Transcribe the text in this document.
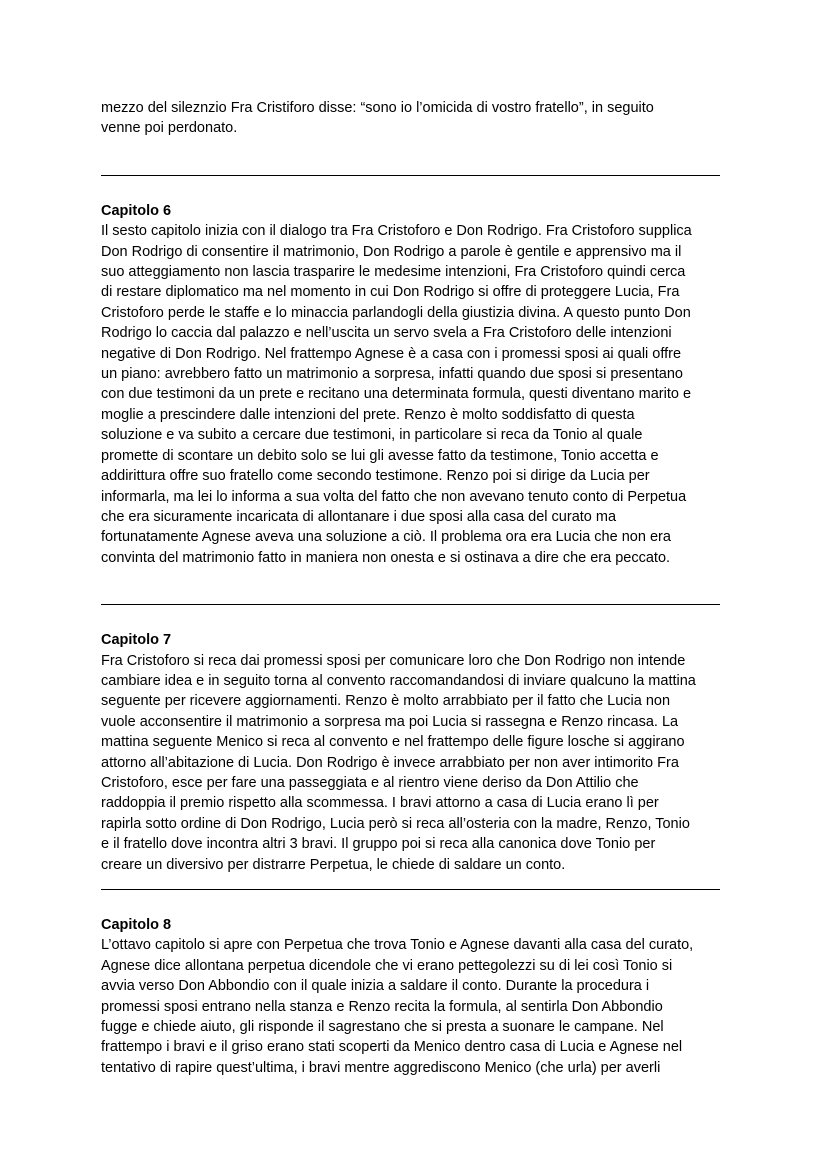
mezzo del sileznzio Fra Cristiforo disse: “sono io l’omicida di vostro fratello”, in seguito
venne poi perdonato.

Capitolo 6

Il sesto capitolo inizia con il dialogo tra Fra Cristoforo e Don Rodrigo. Fra Cristoforo supplica
Don Rodrigo di consentire il matrimonio, Don Rodrigo a parole è gentile e apprensivo ma il
suo atteggiamento non lascia trasparire le medesime intenzioni, Fra Cristoforo quindi cerca
di restare diplomatico ma nel momento in cui Don Rodrigo si offre di proteggere Lucia, Fra
Cristoforo perde le staffe e lo minaccia parlandogli della giustizia divina. A questo punto Don
Rodrigo lo caccia dal palazzo e nell’uscita un servo svela a Fra Cristoforo delle intenzioni
negative di Don Rodrigo. Nel frattempo Agnese è a casa con i promessi sposi ai quali offre
un piano: avrebbero fatto un matrimonio a sorpresa, infatti quando due sposi si presentano
con due testimoni da un prete e recitano una determinata formula, questi diventano marito e
moglie a prescindere dalle intenzioni del prete. Renzo è molto soddisfatto di questa
soluzione e va subito a cercare due testimoni, in particolare si reca da Tonio al quale
promette di scontare un debito solo se lui gli avesse fatto da testimone, Tonio accetta e
addirittura offre suo fratello come secondo testimone. Renzo poi si dirige da Lucia per
informarla, ma lei lo informa a sua volta del fatto che non avevano tenuto conto di Perpetua
che era sicuramente incaricata di allontanare i due sposi alla casa del curato ma
fortunatamente Agnese aveva una soluzione a ciò. Il problema ora era Lucia che non era
convinta del matrimonio fatto in maniera non onesta e si ostinava a dire che era peccato.

Capitolo 7

Fra Cristoforo si reca dai promessi sposi per comunicare loro che Don Rodrigo non intende
cambiare idea e in seguito torna al convento raccomandandosi di inviare qualcuno la mattina
seguente per ricevere aggiornamenti. Renzo è molto arrabbiato per il fatto che Lucia non
vuole acconsentire il matrimonio a sorpresa ma poi Lucia si rassegna e Renzo rincasa. La
mattina seguente Menico si reca al convento e nel frattempo delle figure losche si aggirano
attorno all’abitazione di Lucia. Don Rodrigo è invece arrabbiato per non aver intimorito Fra
Cristoforo, esce per fare una passeggiata e al rientro viene deriso da Don Attilio che
raddoppia il premio rispetto alla scommessa. I bravi attorno a casa di Lucia erano lì per
rapirla sotto ordine di Don Rodrigo, Lucia però si reca all’osteria con la madre, Renzo, Tonio
e il fratello dove incontra altri 3 bravi. Il gruppo poi si reca alla canonica dove Tonio per
creare un diversivo per distrarre Perpetua, le chiede di saldare un conto.

Capitolo 8

L’ottavo capitolo si apre con Perpetua che trova Tonio e Agnese davanti alla casa del curato,
Agnese dice allontana perpetua dicendole che vi erano pettegolezzi su di lei così Tonio si
avvia verso Don Abbondio con il quale inizia a saldare il conto. Durante la procedura i
promessi sposi entrano nella stanza e Renzo recita la formula, al sentirla Don Abbondio
fugge e chiede aiuto, gli risponde il sagrestano che si presta a suonare le campane. Nel
frattempo i bravi e il griso erano stati scoperti da Menico dentro casa di Lucia e Agnese nel
tentativo di rapire quest’ultima, i bravi mentre aggrediscono Menico (che urla) per averli
